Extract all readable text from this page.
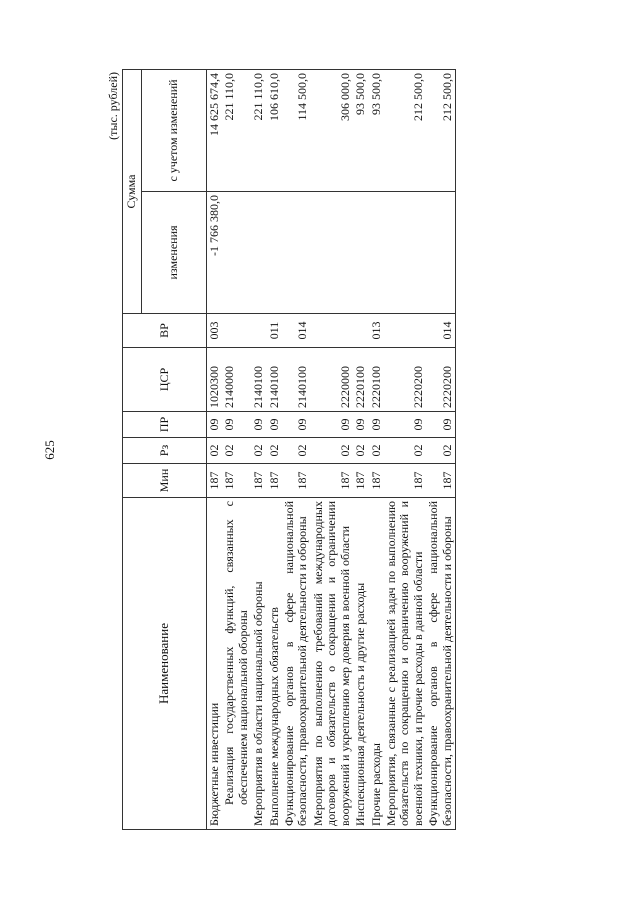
625
(тыс. рублей)
Наименование	Мин	Рз	ПР	ЦСР	ВР	Сумма	
						изменения	с учетом изменений
Бюджетные инвестиции	187	02	09	1020300	003	-1 766 380,0	14 625 674,4
Реализация государственных функций, связанных с обеспечением национальной обороны	187	02	09	2140000			221 110,0
Мероприятия в области национальной обороны	187	02	09	2140100			221 110,0
Выполнение международных обязательств	187	02	09	2140100	011		106 610,0
Функционирование органов в сфере национальной безопасности, правоохранительной деятельности и обороны	187	02	09	2140100	014		114 500,0
Мероприятия по выполнению требований международных договоров и обязательств о сокращении и ограничении вооружений и укреплению мер доверия в военной области	187	02	09	2220000			306 000,0
Инспекционная деятельность и другие расходы	187	02	09	2220100			93 500,0
Прочие расходы	187	02	09	2220100	013		93 500,0
Мероприятия, связанные с реализацией задач по выполнению обязательств по сокращению и ограничению вооружений и военной техники, и прочие расходы в данной области	187	02	09	2220200			212 500,0
Функционирование органов в сфере национальной безопасности, правоохранительной деятельности и обороны	187	02	09	2220200	014		212 500,0
